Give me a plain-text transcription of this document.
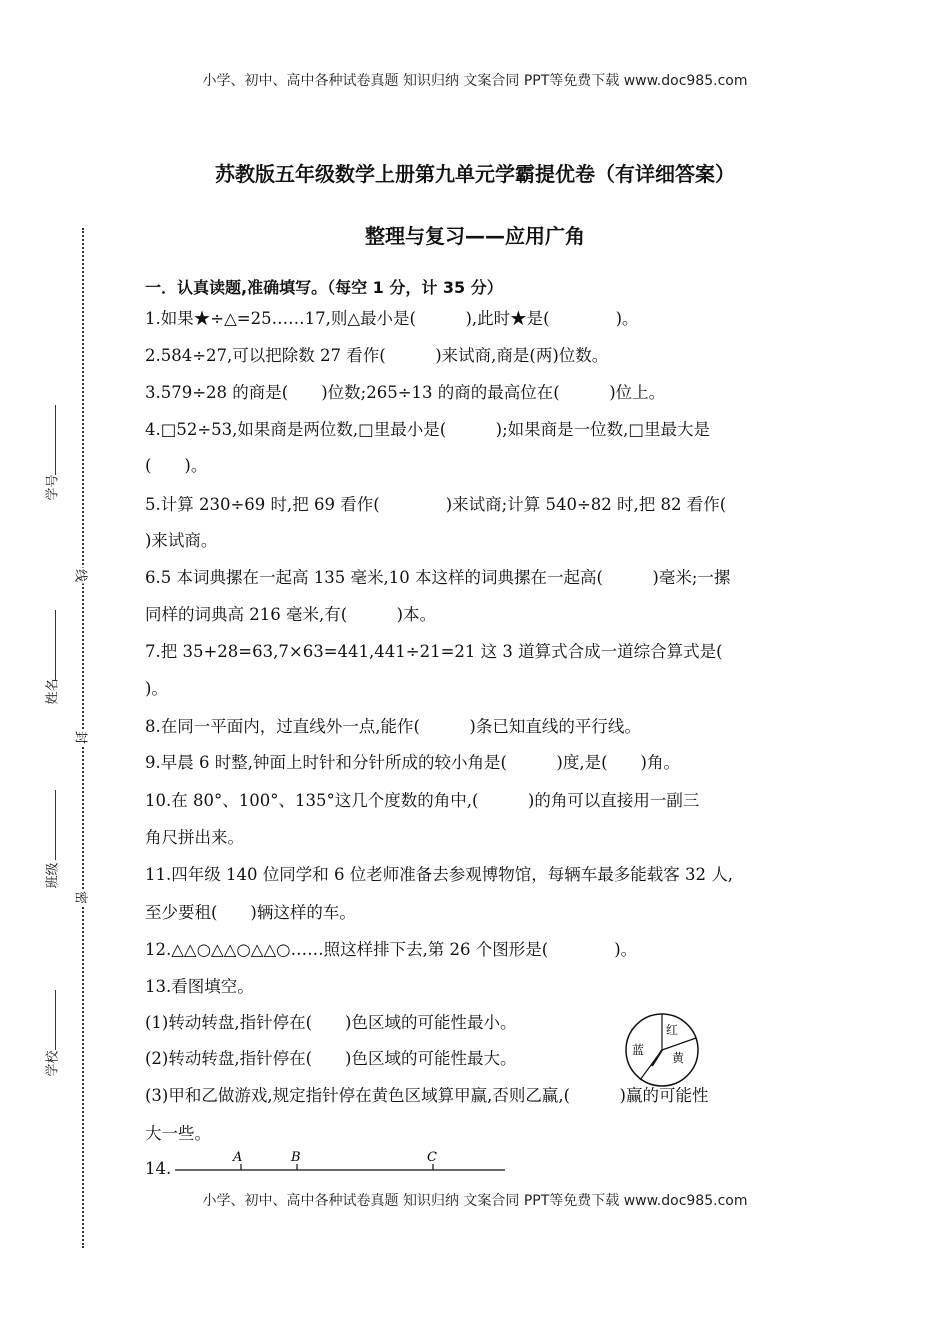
小学、初中、高中各种试卷真题 知识归纳 文案合同 PPT等免费下载 www.doc985.com
苏教版五年级数学上册第九单元学霸提优卷（有详细答案）
整理与复习——应用广角
一．认真读题,准确填写。（每空 1 分，计 35 分）
1.如果★÷△=25……17,则△最小是(　　　),此时★是(　　　　)。
2.584÷27,可以把除数 27 看作(　　　)来试商,商是(两)位数。
3.579÷28 的商是(　　)位数;265÷13 的商的最高位在(　　　)位上。
4.□52÷53,如果商是两位数,□里最小是(　　　);如果商是一位数,□里最大是
(　　)。
5.计算 230÷69 时,把 69 看作(　　　　)来试商;计算 540÷82 时,把 82 看作(
)来试商。
6.5 本词典摞在一起高 135 毫米,10 本这样的词典摞在一起高(　　　)毫米;一摞
同样的词典高 216 毫米,有(　　　)本。
7.把 35+28=63,7×63=441,441÷21=21 这 3 道算式合成一道综合算式是(
)。
8.在同一平面内，过直线外一点,能作(　　　)条已知直线的平行线。
9.早晨 6 时整,钟面上时针和分针所成的较小角是(　　　)度,是(　　)角。
10.在 80°、100°、135°这几个度数的角中,(　　　)的角可以直接用一副三
角尺拼出来。
11.四年级 140 位同学和 6 位老师准备去参观博物馆，每辆车最多能载客 32 人,
至少要租(　　)辆这样的车。
12.△△○△△○△△○……照这样排下去,第 26 个图形是(　　　　)。
13.看图填空。
(1)转动转盘,指针停在(　　)色区域的可能性最小。
(2)转动转盘,指针停在(　　)色区域的可能性最大。
(3)甲和乙做游戏,规定指针停在黄色区域算甲赢,否则乙赢,(　　　)赢的可能性
大一些。
14.
蓝
红
黄
A	B	C
学号
姓名
班级
学校
线
封
密
小学、初中、高中各种试卷真题 知识归纳 文案合同 PPT等免费下载 www.doc985.com
